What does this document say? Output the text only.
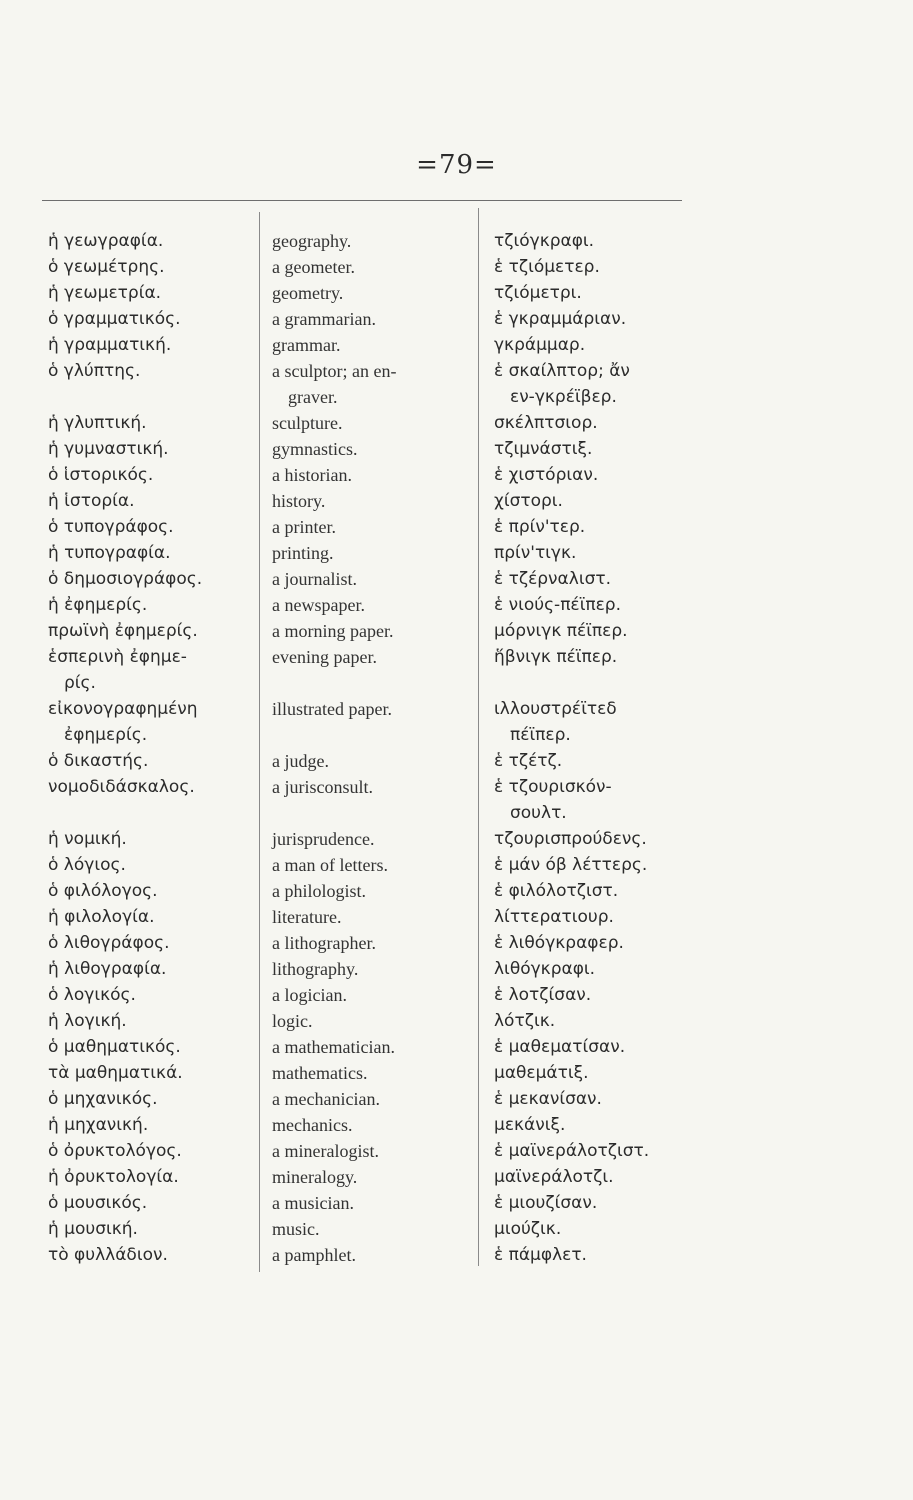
=79=
ἡ γεωγραφία.
ὁ γεωμέτρης.
ἡ γεωμετρία.
ὁ γραμματικός.
ἡ γραμματική.
ὁ γλύπτης.
ἡ γλυπτική.
ἡ γυμναστική.
ὁ ἱστορικός.
ἡ ἱστορία.
ὁ τυπογράφος.
ἡ τυπογραφία.
ὁ δημοσιογράφος.
ἡ ἐφημερίς.
πρωϊνὴ ἐφημερίς.
ἑσπερινὴ ἐφημε-
ρίς.
εἰκονογραφημένη
ἐφημερίς.
ὁ δικαστής.
νομοδιδάσκαλος.
ἡ νομική.
ὁ λόγιος.
ὁ φιλόλογος.
ἡ φιλολογία.
ὁ λιθογράφος.
ἡ λιθογραφία.
ὁ λογικός.
ἡ λογική.
ὁ μαθηματικός.
τὰ μαθηματικά.
ὁ μηχανικός.
ἡ μηχανική.
ὁ ὀρυκτολόγος.
ἡ ὀρυκτολογία.
ὁ μουσικός.
ἡ μουσική.
τὸ φυλλάδιον.
geography.
a geometer.
geometry.
a grammarian.
grammar.
a sculptor; an en-
graver.
sculpture.
gymnastics.
a historian.
history.
a printer.
printing.
a journalist.
a newspaper.
a morning paper.
evening paper.
illustrated paper.
a judge.
a jurisconsult.
jurisprudence.
a man of letters.
a philologist.
literature.
a lithographer.
lithography.
a logician.
logic.
a mathematician.
mathematics.
a mechanician.
mechanics.
a mineralogist.
mineralogy.
a musician.
music.
a pamphlet.
τζιόγκραφι.
ἑ τζιόμετερ.
τζιόμετρι.
ἑ γκραμμάριαν.
γκράμμαρ.
ἑ σκαίλπτορ; ἄν
εν-γκρέϊβερ.
σκέλπτσιορ.
τζιμνάστιξ.
ἑ χιστόριαν.
χίστορι.
ἑ πρίν'τερ.
πρίν'τιγκ.
ἑ τζέρναλιστ.
ἑ νιούς-πέϊπερ.
μόρνιγκ πέϊπερ.
ἥβνιγκ πέϊπερ.
ιλλουστρέϊτεδ
πέϊπερ.
ἑ τζέτζ.
ἑ τζουρισκόν-
σουλτ.
τζουρισπρούδενς.
ἑ μάν όβ λέττερς.
ἑ φιλόλοτζιστ.
λίττερατιουρ.
ἑ λιθόγκραφερ.
λιθόγκραφι.
ἑ λοτζίσαν.
λότζικ.
ἑ μαθεματίσαν.
μαθεμάτιξ.
ἑ μεκανίσαν.
μεκάνιξ.
ἑ μαϊνεράλοτζιστ.
μαϊνεράλοτζι.
ἑ μιουζίσαν.
μιούζικ.
ἑ πάμφλετ.
